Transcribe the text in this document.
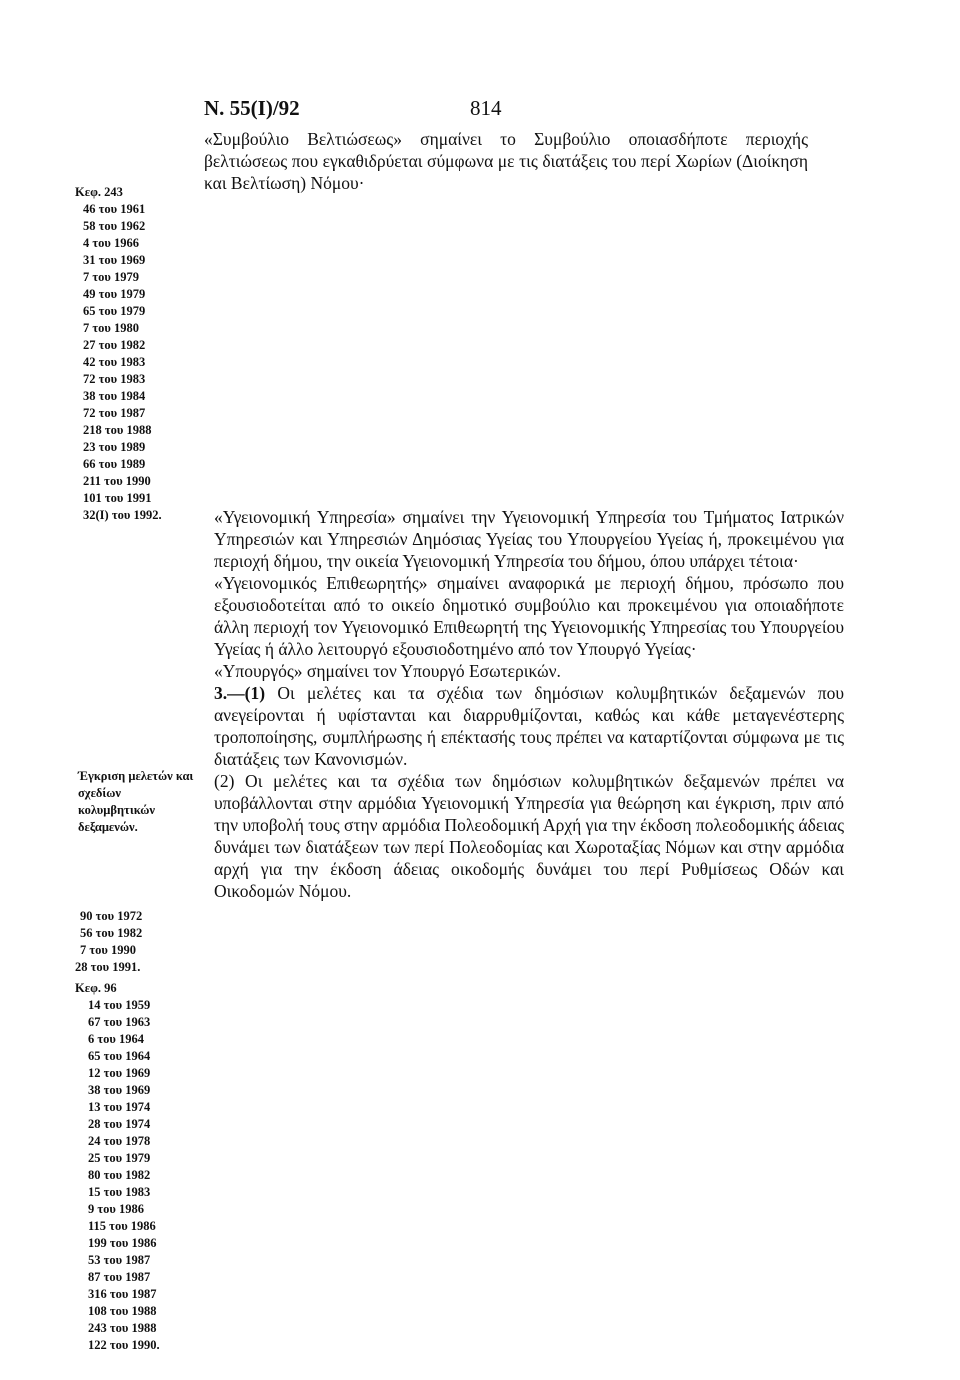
N. 55(I)/92	814
Κεφ. 243
46 του 1961
58 του 1962
4 του 1966
31 του 1969
7 του 1979
49 του 1979
65 του 1979
7 του 1980
27 του 1982
42 του 1983
72 του 1983
38 του 1984
72 του 1987
218 του 1988
23 του 1989
66 του 1989
211 του 1990
101 του 1991
32(I) του 1992.
Έγκριση μελετών και σχεδίων κολυμβητικών δεξαμενών.
90 του 1972
56 του 1982
7 του 1990
28 του 1991.
Κεφ. 96
14 του 1959
67 του 1963
6 του 1964
65 του 1964
12 του 1969
38 του 1969
13 του 1974
28 του 1974
24 του 1978
25 του 1979
80 του 1982
15 του 1983
9 του 1986
115 του 1986
199 του 1986
53 του 1987
87 του 1987
316 του 1987
108 του 1988
243 του 1988
122 του 1990.

«Συμβούλιο Βελτιώσεως» σημαίνει το Συμβούλιο οποιασδήποτε περιοχής βελτιώσεως που εγκαθιδρύεται σύμφωνα με τις διατάξεις του περί Χωρίων (Διοίκηση και Βελτίωση) Νόμου·

«Υγειονομική Υπηρεσία» σημαίνει την Υγειονομική Υπηρεσία του Τμήματος Ιατρικών Υπηρεσιών και Υπηρεσιών Δημόσιας Υγείας του Υπουργείου Υγείας ή, προκειμένου για περιοχή δήμου, την οικεία Υγειονομική Υπηρεσία του δήμου, όπου υπάρχει τέτοια·

«Υγειονομικός Επιθεωρητής» σημαίνει αναφορικά με περιοχή δήμου, πρόσωπο που εξουσιοδοτείται από το οικείο δημοτικό συμβούλιο και προκειμένου για οποιαδήποτε άλλη περιοχή τον Υγειονομικό Επιθεωρητή της Υγειονομικής Υπηρεσίας του Υπουργείου Υγείας ή άλλο λειτουργό εξουσιοδοτημένο από τον Υπουργό Υγείας·

«Υπουργός» σημαίνει τον Υπουργό Εσωτερικών.

3.—(1) Οι μελέτες και τα σχέδια των δημόσιων κολυμβητικών δεξαμενών που ανεγείρονται ή υφίστανται και διαρρυθμίζονται, καθώς και κάθε μεταγενέστερης τροποποίησης, συμπλήρωσης ή επέκτασής τους πρέπει να καταρτίζονται σύμφωνα με τις διατάξεις των Κανονισμών.

(2) Οι μελέτες και τα σχέδια των δημόσιων κολυμβητικών δεξαμενών πρέπει να υποβάλλονται στην αρμόδια Υγειονομική Υπηρεσία για θεώρηση και έγκριση, πριν από την υποβολή τους στην αρμόδια Πολεοδομική Αρχή για την έκδοση πολεοδομικής άδειας δυνάμει των διατάξεων των περί Πολεοδομίας και Χωροταξίας Νόμων και στην αρμόδια αρχή για την έκδοση άδειας οικοδομής δυνάμει του περί Ρυθμίσεως Οδών και Οικοδομών Νόμου.
